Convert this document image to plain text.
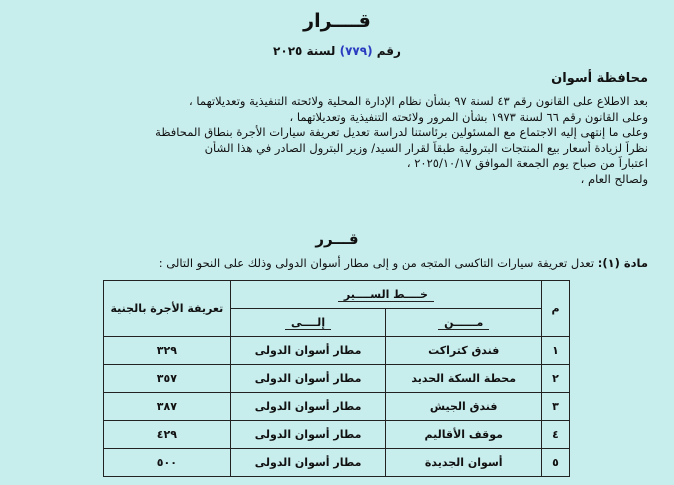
قــــرار
رقم (٧٧٩) لسنة ٢٠٢٥
محافظة أسوان
بعد الاطلاع على القانون رقم ٤٣ لسنة ٩٧ بشأن نظام الإدارة المحلية ولائحته التنفيذية وتعديلاتهما ،
وعلى القانون رقم ٦٦ لسنة ١٩٧٣ بشأن المرور ولائحته التنفيذية وتعديلاتهما ،
وعلى ما إنتهى إليه الاجتماع مع المسئولين برئاستنا لدراسة تعديل تعريفة سيارات الأجرة بنطاق المحافظة
نظراً لزيادة أسعار بيع المنتجات البترولية طبقاً لقرار السيد/ وزير البترول الصادر في هذا الشأن
اعتباراً من صباح يوم الجمعة الموافق ٢٠٢٥/١٠/١٧ ،
ولصالح العام ،
قـــرر
مادة (١): تعدل تعريفة سيارات التاكسى المتجه من و إلى مطار أسوان الدولى وذلك على النحو التالى :
م	خــــط الســــير		تعريفة الأجرة بالجنية
	مــــــن	إلــــى	
١	فندق كتراكت	مطار أسوان الدولى	٣٢٩
٢	محطة السكة الحديد	مطار أسوان الدولى	٣٥٧
٣	فندق الجيش	مطار أسوان الدولى	٣٨٧
٤	موقف الأقاليم	مطار أسوان الدولى	٤٢٩
٥	أسوان الجديدة	مطار أسوان الدولى	٥٠٠
